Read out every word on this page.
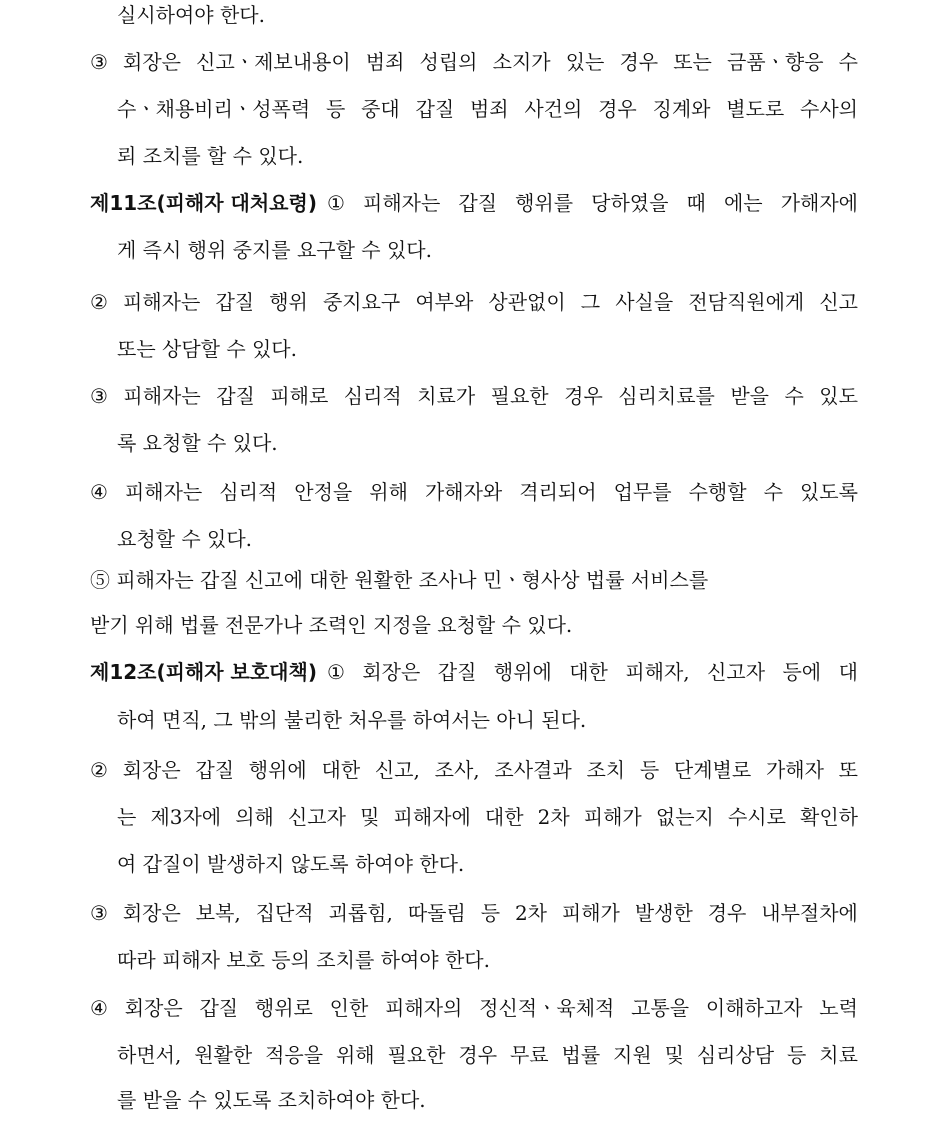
실시하여야 한다.
③ 회장은 신고ㆍ제보내용이 범죄 성립의 소지가 있는 경우 또는 금품ㆍ향응 수
수ㆍ채용비리ㆍ성폭력 등 중대 갑질 범죄 사건의 경우 징계와 별도로 수사의
뢰 조치를 할 수 있다.
제11조(피해자 대처요령) ① 피해자는 갑질 행위를 당하였을 때 에는 가해자에
게 즉시 행위 중지를 요구할 수 있다.
② 피해자는 갑질 행위 중지요구 여부와 상관없이 그 사실을 전담직원에게 신고
또는 상담할 수 있다.
③ 피해자는 갑질 피해로 심리적 치료가 필요한 경우 심리치료를 받을 수 있도
록 요청할 수 있다.
④ 피해자는 심리적 안정을 위해 가해자와 격리되어 업무를 수행할 수 있도록
요청할 수 있다.
⑤ 피해자는 갑질 신고에 대한 원활한 조사나 민ㆍ형사상 법률 서비스를
받기 위해 법률 전문가나 조력인 지정을 요청할 수 있다.
제12조(피해자 보호대책) ① 회장은 갑질 행위에 대한 피해자, 신고자 등에 대
하여 면직, 그 밖의 불리한 처우를 하여서는 아니 된다.
② 회장은 갑질 행위에 대한 신고, 조사, 조사결과 조치 등 단계별로 가해자 또
는 제3자에 의해 신고자 및 피해자에 대한 2차 피해가 없는지 수시로 확인하
여 갑질이 발생하지 않도록 하여야 한다.
③ 회장은 보복, 집단적 괴롭힘, 따돌림 등 2차 피해가 발생한 경우 내부절차에
따라 피해자 보호 등의 조치를 하여야 한다.
④ 회장은 갑질 행위로 인한 피해자의 정신적ㆍ육체적 고통을 이해하고자 노력
하면서, 원활한 적응을 위해 필요한 경우 무료 법률 지원 및 심리상담 등 치료
를 받을 수 있도록 조치하여야 한다.
